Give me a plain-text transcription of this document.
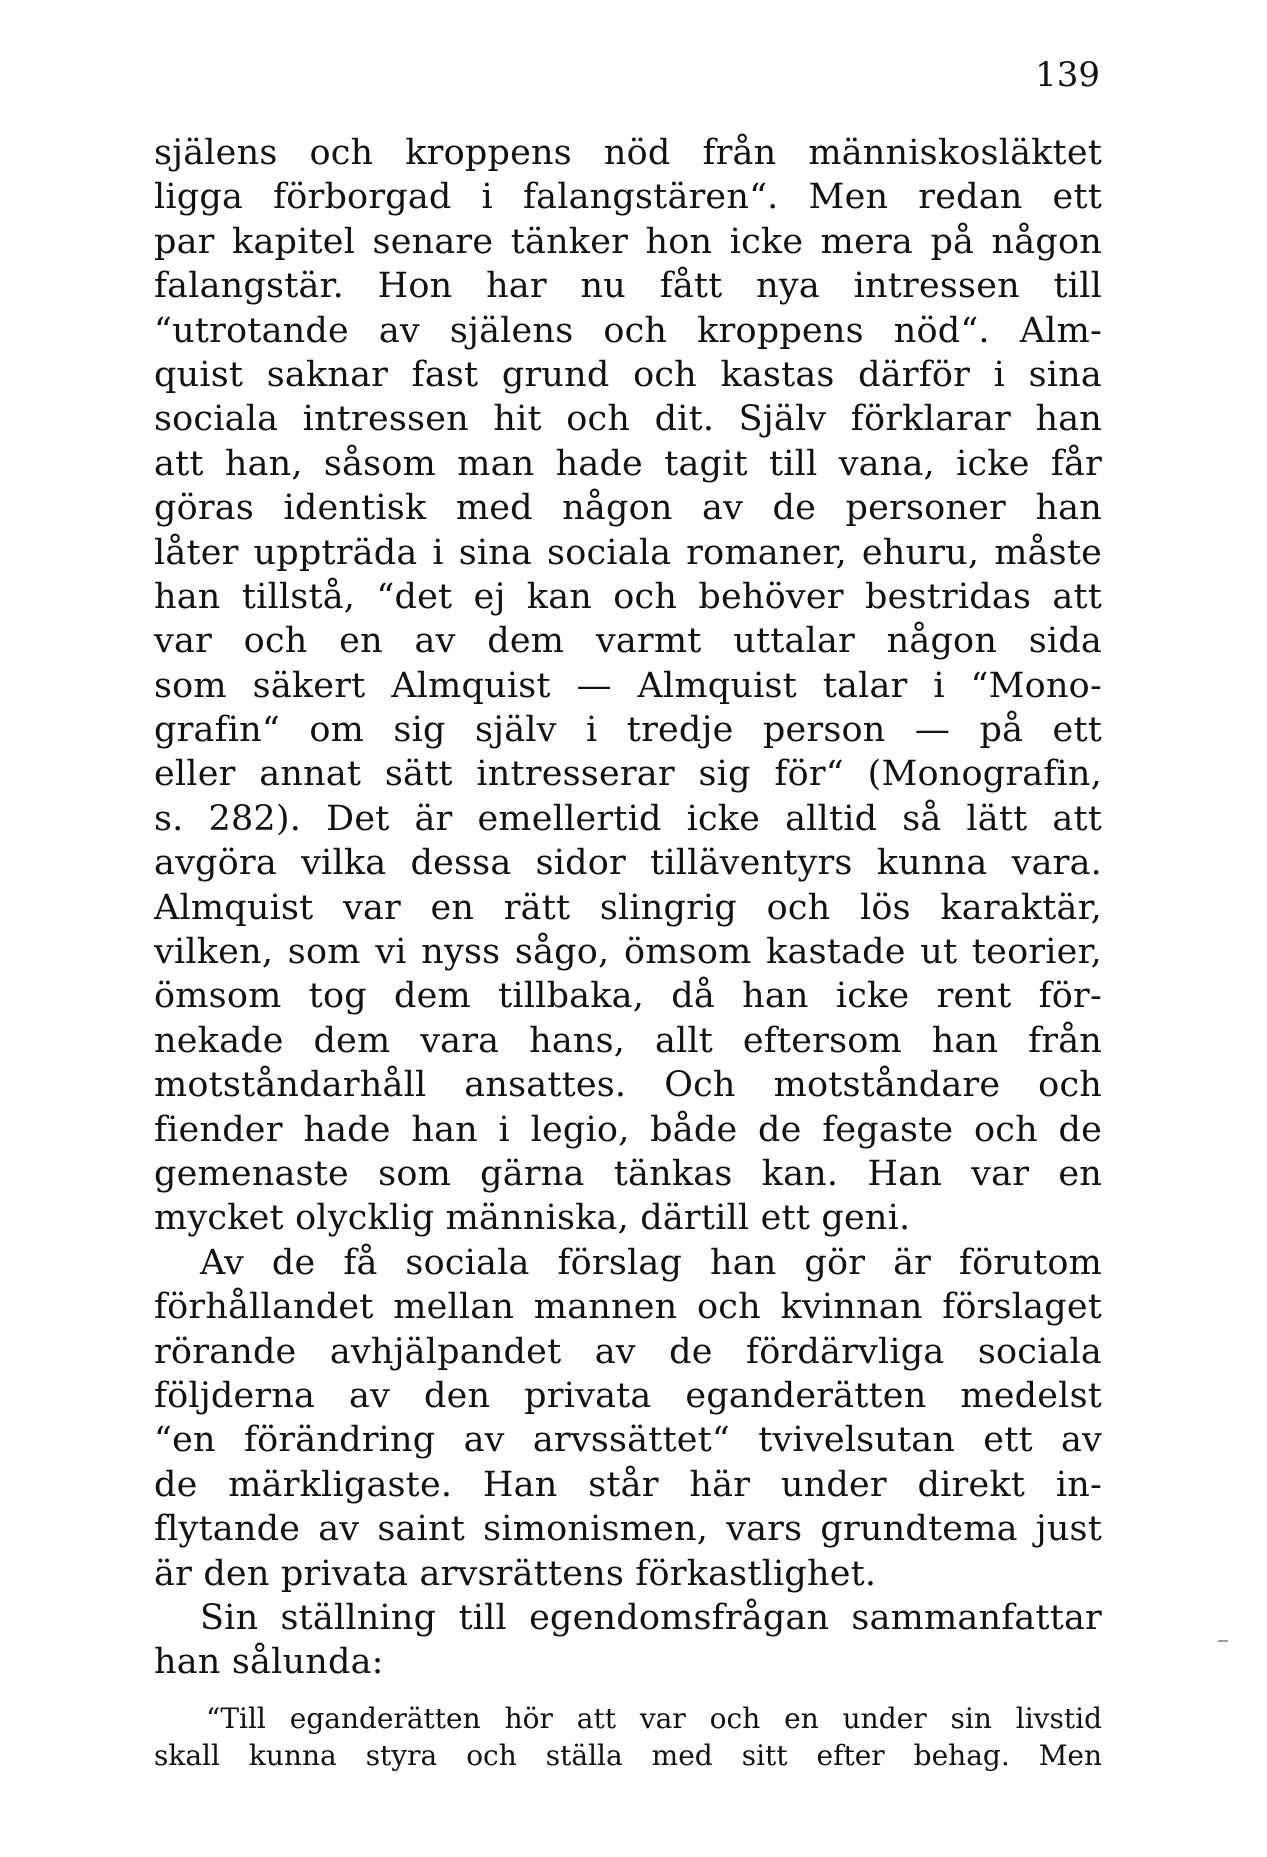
139
själens och kroppens nöd från människosläktet
ligga förborgad i falangstären“. Men redan ett
par kapitel senare tänker hon icke mera på någon
falangstär. Hon har nu fått nya intressen till
“utrotande av själens och kroppens nöd“. Alm-
quist saknar fast grund och kastas därför i sina
sociala intressen hit och dit. Själv förklarar han
att han, såsom man hade tagit till vana, icke får
göras identisk med någon av de personer han
låter uppträda i sina sociala romaner, ehuru, måste
han tillstå, “det ej kan och behöver bestridas att
var och en av dem varmt uttalar någon sida
som säkert Almquist — Almquist talar i “Mono-
grafin“ om sig själv i tredje person — på ett
eller annat sätt intresserar sig för“ (Monografin,
s. 282). Det är emellertid icke alltid så lätt att
avgöra vilka dessa sidor tilläventyrs kunna vara.
Almquist var en rätt slingrig och lös karaktär,
vilken, som vi nyss sågo, ömsom kastade ut teorier,
ömsom tog dem tillbaka, då han icke rent för-
nekade dem vara hans, allt eftersom han från
motståndarhåll ansattes. Och motståndare och
fiender hade han i legio, både de fegaste och de
gemenaste som gärna tänkas kan. Han var en
mycket olycklig människa, därtill ett geni.
Av de få sociala förslag han gör är förutom
förhållandet mellan mannen och kvinnan förslaget
rörande avhjälpandet av de fördärvliga sociala
följderna av den privata eganderätten medelst
“en förändring av arvssättet“ tvivelsutan ett av
de märkligaste. Han står här under direkt in-
flytande av saint simonismen, vars grundtema just
är den privata arvsrättens förkastlighet.
Sin ställning till egendomsfrågan sammanfattar
han sålunda:
“Till eganderätten hör att var och en under sin livstid
skall kunna styra och ställa med sitt efter behag. Men
